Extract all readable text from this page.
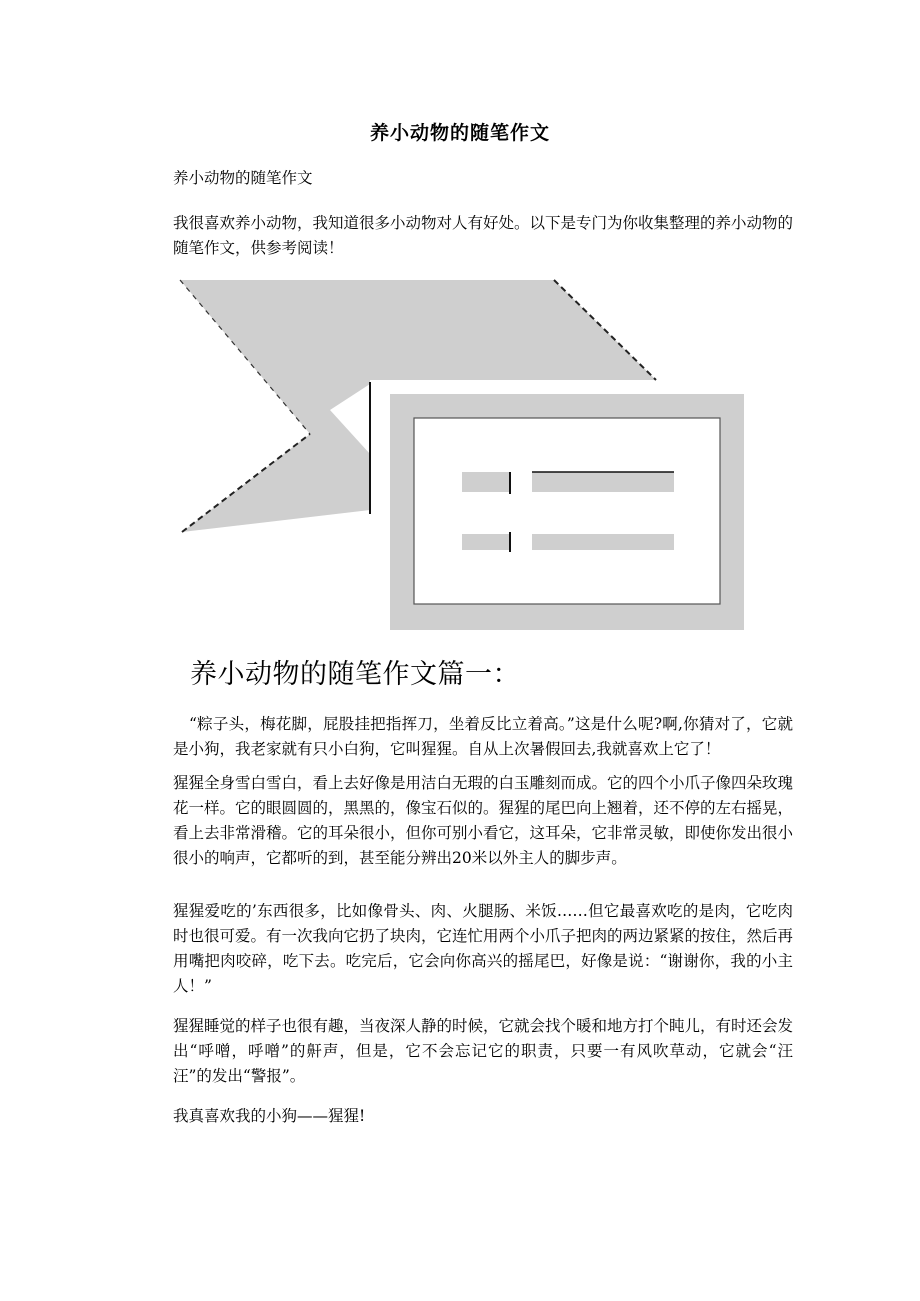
养小动物的随笔作文

养小动物的随笔作文

我很喜欢养小动物，我知道很多小动物对人有好处。以下是专门为你收集整理的养小动物的随笔作文，供参考阅读！

养小动物的随笔作文篇一：

“粽子头，梅花脚，屁股挂把指挥刀，坐着反比立着高。”这是什么呢?啊,你猜对了，它就是小狗，我老家就有只小白狗，它叫猩猩。自从上次暑假回去,我就喜欢上它了！

猩猩全身雪白雪白，看上去好像是用洁白无瑕的白玉雕刻而成。它的四个小爪子像四朵玫瑰花一样。它的眼圆圆的，黑黑的，像宝石似的。猩猩的尾巴向上翘着，还不停的左右摇晃，看上去非常滑稽。它的耳朵很小，但你可别小看它，这耳朵，它非常灵敏，即使你发出很小很小的响声，它都听的到，甚至能分辨出20米以外主人的脚步声。

猩猩爱吃的’东西很多，比如像骨头、肉、火腿肠、米饭……但它最喜欢吃的是肉，它吃肉时也很可爱。有一次我向它扔了块肉，它连忙用两个小爪子把肉的两边紧紧的按住，然后再用嘴把肉咬碎，吃下去。吃完后，它会向你高兴的摇尾巴，好像是说：“谢谢你，我的小主人！”

猩猩睡觉的样子也很有趣，当夜深人静的时候，它就会找个暖和地方打个盹儿，有时还会发出“呼噌，呼噌”的鼾声，但是，它不会忘记它的职责，只要一有风吹草动，它就会“汪汪”的发出“警报”。

我真喜欢我的小狗——猩猩!
